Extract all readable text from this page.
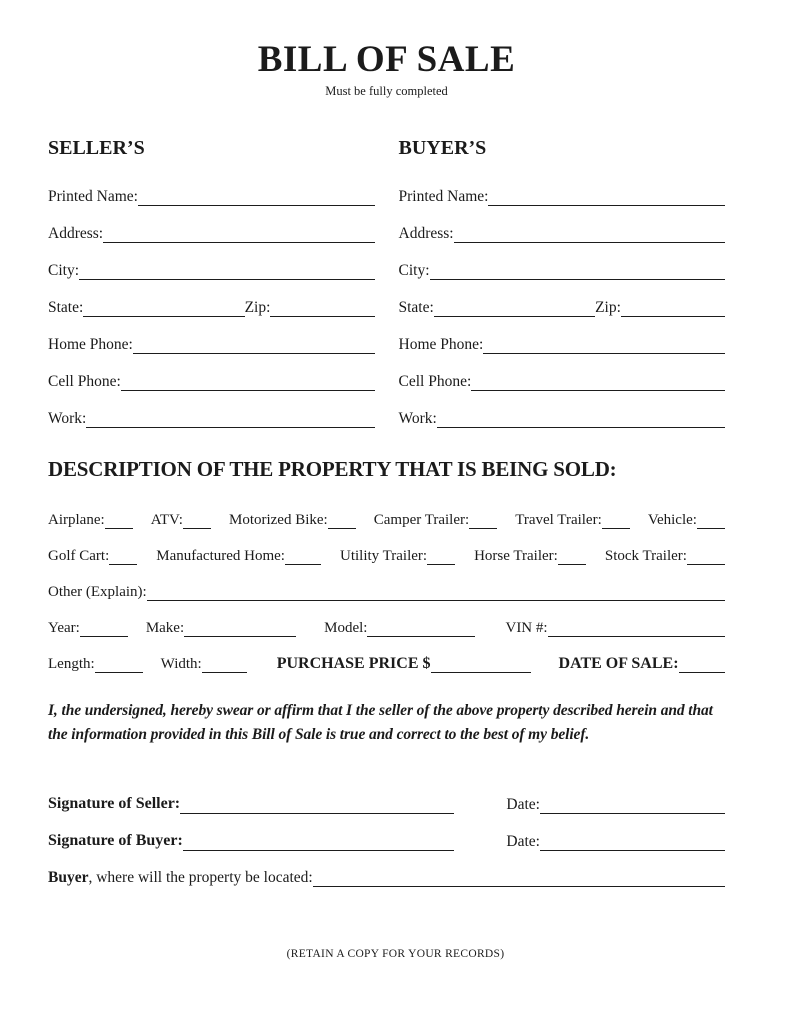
BILL OF SALE
Must be fully completed
SELLER’S
Printed Name:
Address:
City:
State:	Zip:
Home Phone:
Cell Phone:
Work:
BUYER’S
Printed Name:
Address:
City:
State:	Zip:
Home Phone:
Cell Phone:
Work:
DESCRIPTION OF THE PROPERTY THAT IS BEING SOLD:
Airplane:	ATV:	Motorized Bike:	Camper Trailer:	Travel Trailer:	Vehicle:
Golf Cart:	Manufactured Home:	Utility Trailer:	Horse Trailer:	Stock Trailer:
Other (Explain):
Year:	Make:	Model:	VIN #:
Length:	Width:	PURCHASE PRICE $	DATE OF SALE:

I, the undersigned, hereby swear or affirm that I the seller of the above property described herein and that the information provided in this Bill of Sale is true and correct to the best of my belief.

Signature of Seller:	Date:
Signature of Buyer:	Date:
Buyer , where will the property be located:
(RETAIN A COPY FOR YOUR RECORDS)
